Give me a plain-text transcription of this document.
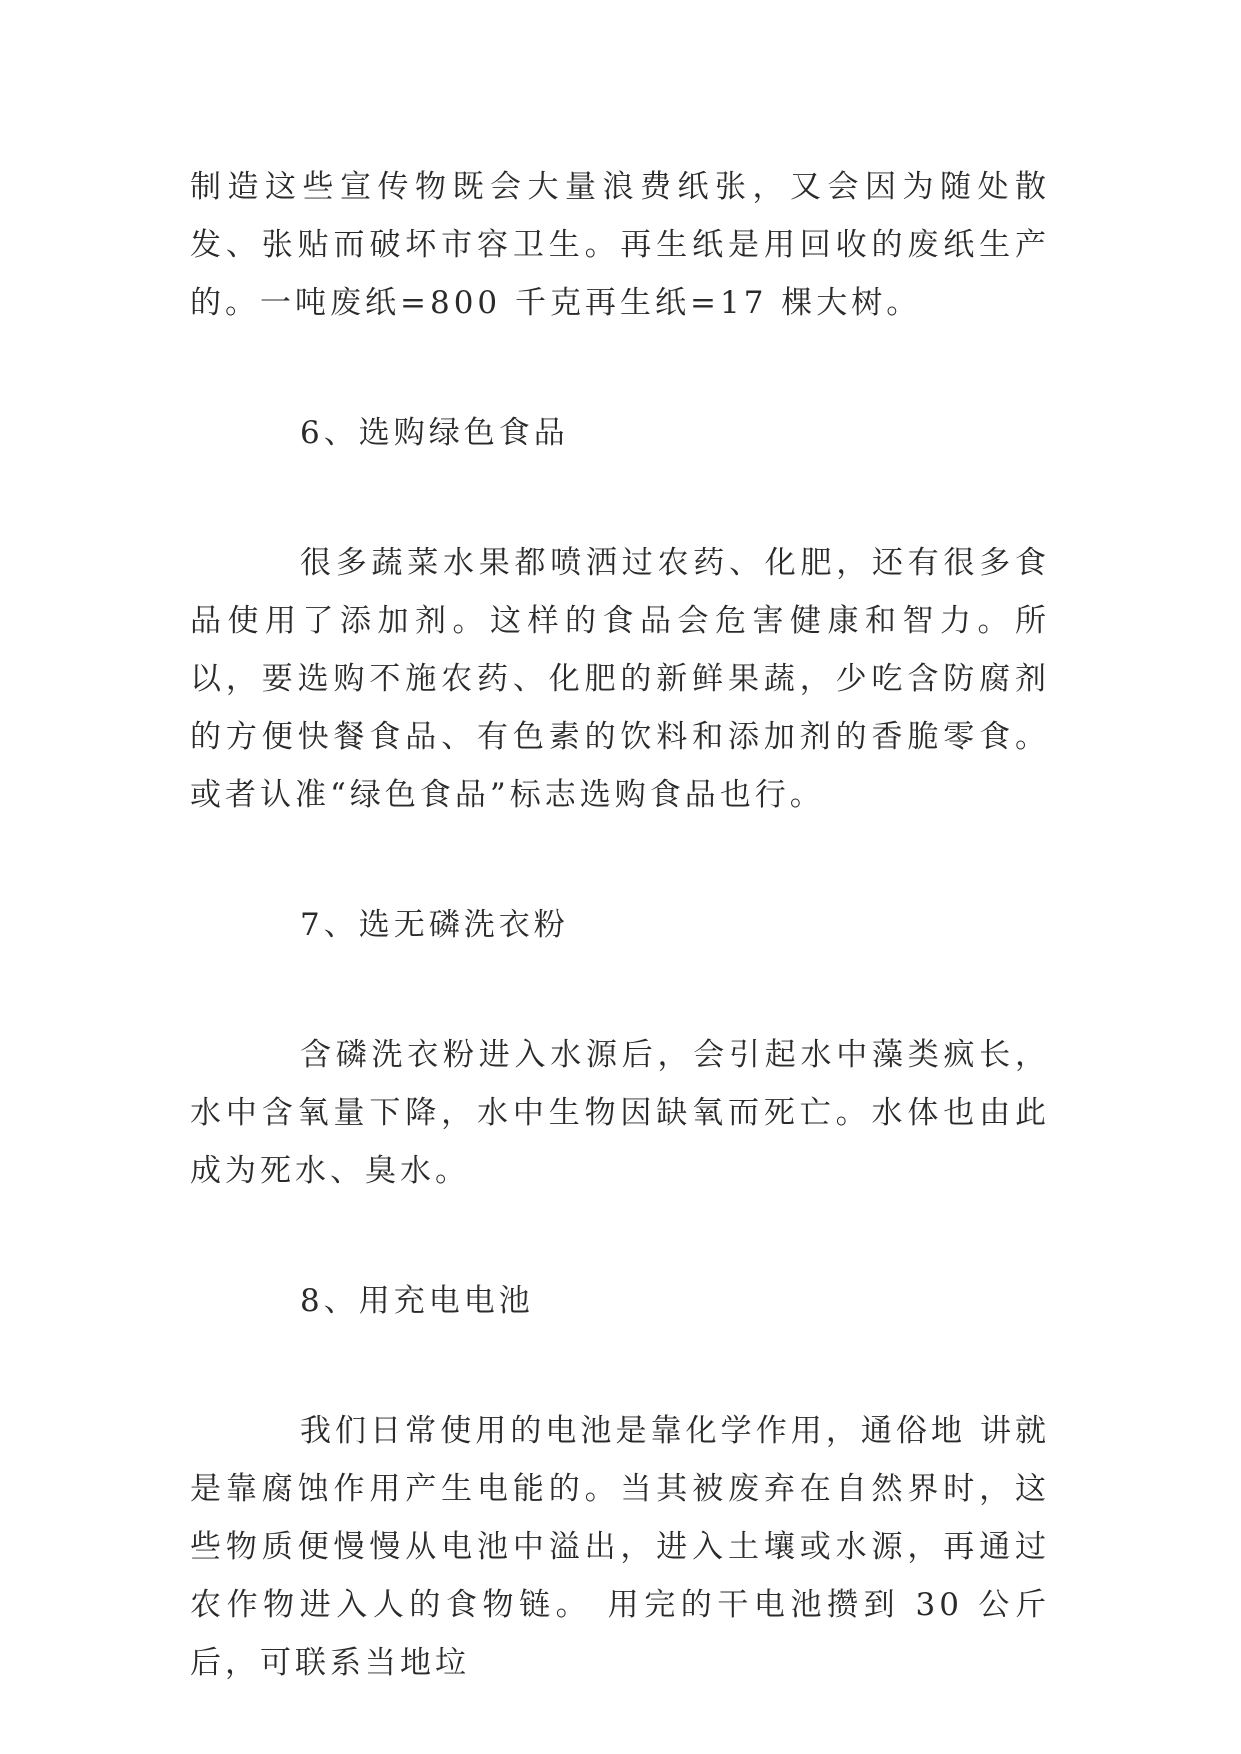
制造这些宣传物既会大量浪费纸张，又会因为随处散发、张贴而破坏市容卫生。再生纸是用回收的废纸生产的。一吨废纸=800 千克再生纸=17 棵大树。

6、选购绿色食品

很多蔬菜水果都喷洒过农药、化肥，还有很多食品使用了添加剂。这样的食品会危害健康和智力。所以，要选购不施农药、化肥的新鲜果蔬，少吃含防腐剂的方便快餐食品、有色素的饮料和添加剂的香脆零食。或者认准“绿色食品”标志选购食品也行。

7、选无磷洗衣粉

含磷洗衣粉进入水源后，会引起水中藻类疯长，水中含氧量下降，水中生物因缺氧而死亡。水体也由此成为死水、臭水。

8、用充电电池

我们日常使用的电池是靠化学作用，通俗地 讲就是靠腐蚀作用产生电能的。当其被废弃在自然界时，这些物质便慢慢从电池中溢出，进入土壤或水源，再通过农作物进入人的食物链。 用完的干电池攒到 30 公斤后，可联系当地垃
